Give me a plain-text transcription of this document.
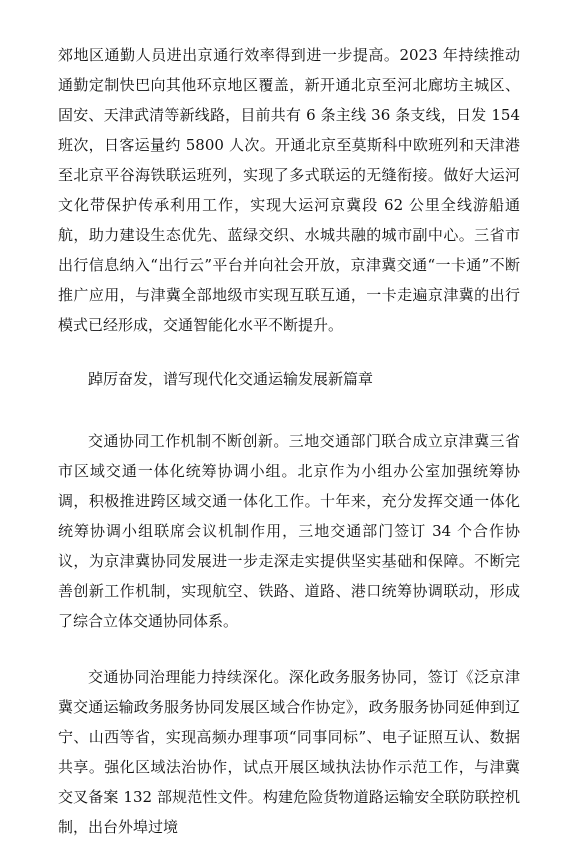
郊地区通勤人员进出京通行效率得到进一步提高。2023 年持续推动通勤定制快巴向其他环京地区覆盖，新开通北京至河北廊坊主城区、固安、天津武清等新线路，目前共有 6 条主线 36 条支线，日发 154 班次，日客运量约 5800 人次。开通北京至莫斯科中欧班列和天津港至北京平谷海铁联运班列，实现了多式联运的无缝衔接。做好大运河文化带保护传承利用工作，实现大运河京冀段 62 公里全线游船通航，助力建设生态优先、蓝绿交织、水城共融的城市副中心。三省市出行信息纳入“出行云”平台并向社会开放，京津冀交通“一卡通”不断推广应用，与津冀全部地级市实现互联互通，一卡走遍京津冀的出行模式已经形成，交通智能化水平不断提升。

踔厉奋发，谱写现代化交通运输发展新篇章

交通协同工作机制不断创新。三地交通部门联合成立京津冀三省市区域交通一体化统筹协调小组。北京作为小组办公室加强统筹协调，积极推进跨区域交通一体化工作。十年来，充分发挥交通一体化统筹协调小组联席会议机制作用，三地交通部门签订 34 个合作协议，为京津冀协同发展进一步走深走实提供坚实基础和保障。不断完善创新工作机制，实现航空、铁路、道路、港口统筹协调联动，形成了综合立体交通协同体系。

交通协同治理能力持续深化。深化政务服务协同，签订《泛京津冀交通运输政务服务协同发展区域合作协定》，政务服务协同延伸到辽宁、山西等省，实现高频办理事项“同事同标”、电子证照互认、数据共享。强化区域法治协作，试点开展区域执法协作示范工作，与津冀交叉备案 132 部规范性文件。构建危险货物道路运输安全联防联控机制，出台外埠过境
